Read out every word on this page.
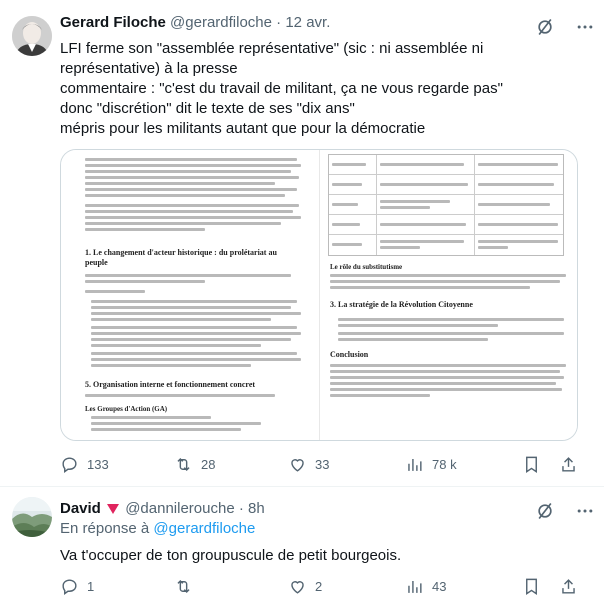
Gerard Filoche @gerardfiloche · 12 avr.
LFI ferme son "assemblée représentative" (sic : ni assemblée ni représentative) à la presse
commentaire : "c'est du travail de militant, ça ne vous regarde pas"
donc "discrétion" dit le texte de ses "dix ans"
mépris pour les militants autant que pour la démocratie
1. Le changement d'acteur historique : du prolétariat au peuple
5. Organisation interne et fonctionnement concret
Les Groupes d'Action (GA)
Le rôle du substitutisme
3. La stratégie de la Révolution Citoyenne
Conclusion
133	28	33	78 k
David @dannilerouche · 8h
En réponse à @gerardfiloche
Va t'occuper de ton groupuscule de petit bourgeois.
1	2	43
